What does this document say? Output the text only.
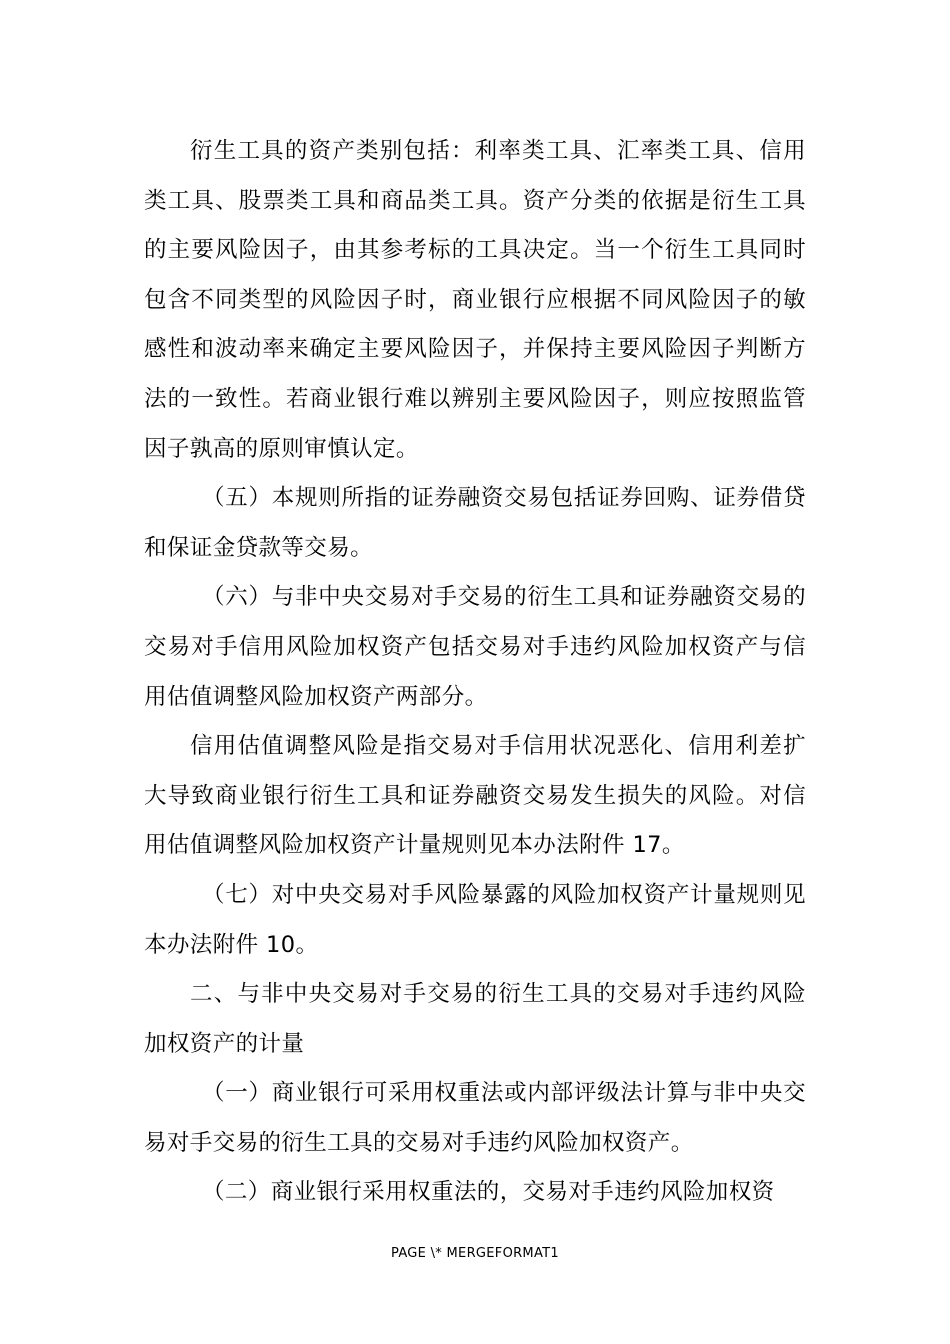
衍生工具的资产类别包括：利率类工具、汇率类工具、信用类工具、股票类工具和商品类工具。资产分类的依据是衍生工具的主要风险因子，由其参考标的工具决定。当一个衍生工具同时包含不同类型的风险因子时，商业银行应根据不同风险因子的敏感性和波动率来确定主要风险因子，并保持主要风险因子判断方法的一致性。若商业银行难以辨别主要风险因子，则应按照监管因子孰高的原则审慎认定。

（五）本规则所指的证券融资交易包括证券回购、证券借贷和保证金贷款等交易。

（六）与非中央交易对手交易的衍生工具和证券融资交易的交易对手信用风险加权资产包括交易对手违约风险加权资产与信用估值调整风险加权资产两部分。

信用估值调整风险是指交易对手信用状况恶化、信用利差扩大导致商业银行衍生工具和证券融资交易发生损失的风险。对信用估值调整风险加权资产计量规则见本办法附件 17。

（七）对中央交易对手风险暴露的风险加权资产计量规则见本办法附件 10。

二、与非中央交易对手交易的衍生工具的交易对手违约风险加权资产的计量

（一）商业银行可采用权重法或内部评级法计算与非中央交易对手交易的衍生工具的交易对手违约风险加权资产。

（二）商业银行采用权重法的，交易对手违约风险加权资

PAGE \* MERGEFORMAT1
